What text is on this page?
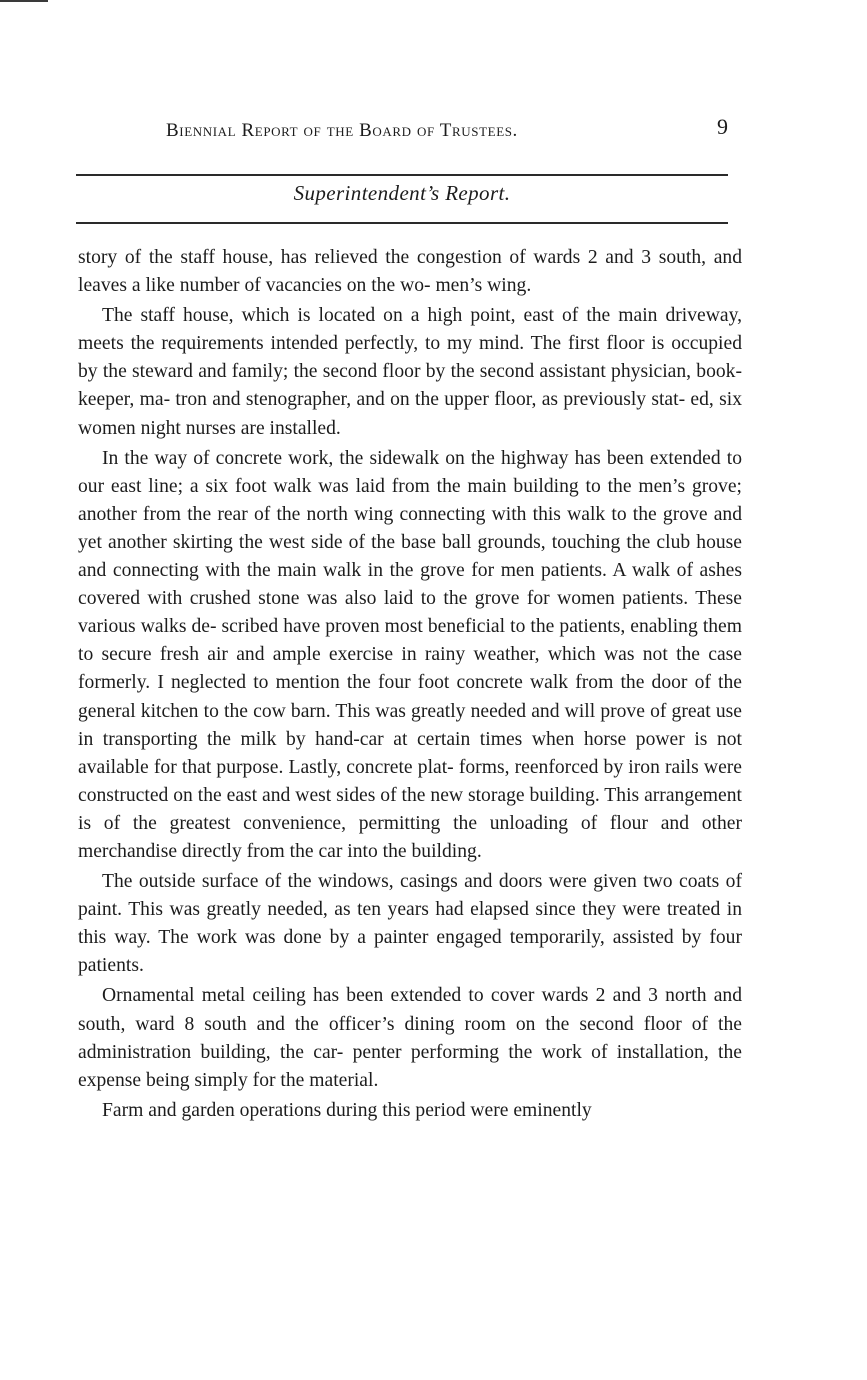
Biennial Report of the Board of Trustees.	9
Superintendent’s Report.

story of the staff house, has relieved the congestion of wards 2 and 3 south, and leaves a like number of vacancies on the wo- men’s wing.

The staff house, which is located on a high point, east of the main driveway, meets the requirements intended perfectly, to my mind. The first floor is occupied by the steward and family; the second floor by the second assistant physician, book-keeper, ma- tron and stenographer, and on the upper floor, as previously stat- ed, six women night nurses are installed.

In the way of concrete work, the sidewalk on the highway has been extended to our east line; a six foot walk was laid from the main building to the men’s grove; another from the rear of the north wing connecting with this walk to the grove and yet another skirting the west side of the base ball grounds, touching the club house and connecting with the main walk in the grove for men patients. A walk of ashes covered with crushed stone was also laid to the grove for women patients. These various walks de- scribed have proven most beneficial to the patients, enabling them to secure fresh air and ample exercise in rainy weather, which was not the case formerly. I neglected to mention the four foot concrete walk from the door of the general kitchen to the cow barn. This was greatly needed and will prove of great use in transporting the milk by hand-car at certain times when horse power is not available for that purpose. Lastly, concrete plat- forms, reenforced by iron rails were constructed on the east and west sides of the new storage building. This arrangement is of the greatest convenience, permitting the unloading of flour and other merchandise directly from the car into the building.

The outside surface of the windows, casings and doors were given two coats of paint. This was greatly needed, as ten years had elapsed since they were treated in this way. The work was done by a painter engaged temporarily, assisted by four patients.

Ornamental metal ceiling has been extended to cover wards 2 and 3 north and south, ward 8 south and the officer’s dining room on the second floor of the administration building, the car- penter performing the work of installation, the expense being simply for the material.

Farm and garden operations during this period were eminently
